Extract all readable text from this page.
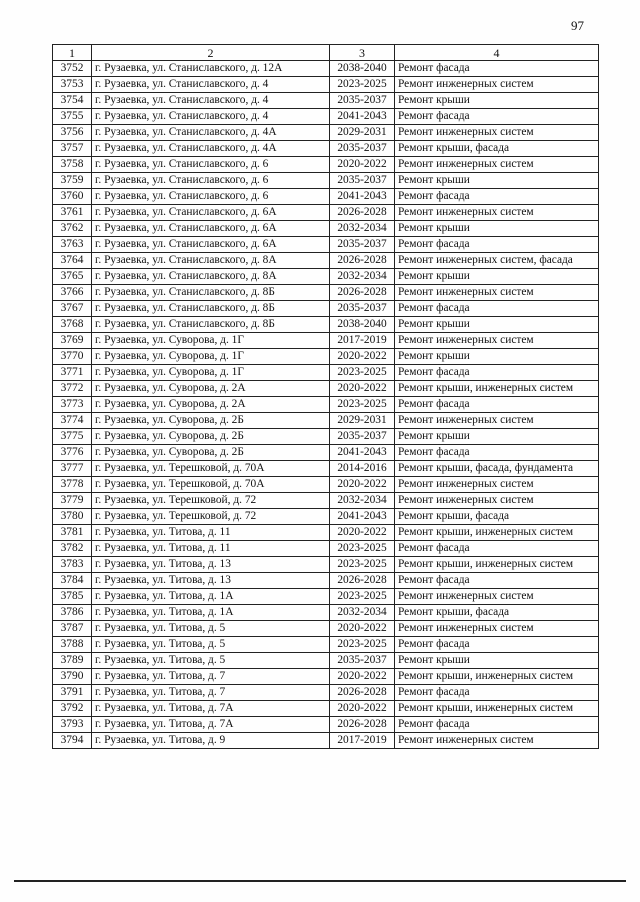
97
1	2	3	4
3752	г. Рузаевка, ул. Станиславского, д. 12А	2038-2040	Ремонт фасада
3753	г. Рузаевка, ул. Станиславского, д. 4	2023-2025	Ремонт инженерных систем
3754	г. Рузаевка, ул. Станиславского, д. 4	2035-2037	Ремонт крыши
3755	г. Рузаевка, ул. Станиславского, д. 4	2041-2043	Ремонт фасада
3756	г. Рузаевка, ул. Станиславского, д. 4А	2029-2031	Ремонт инженерных систем
3757	г. Рузаевка, ул. Станиславского, д. 4А	2035-2037	Ремонт крыши, фасада
3758	г. Рузаевка, ул. Станиславского, д. 6	2020-2022	Ремонт инженерных систем
3759	г. Рузаевка, ул. Станиславского, д. 6	2035-2037	Ремонт крыши
3760	г. Рузаевка, ул. Станиславского, д. 6	2041-2043	Ремонт фасада
3761	г. Рузаевка, ул. Станиславского, д. 6А	2026-2028	Ремонт инженерных систем
3762	г. Рузаевка, ул. Станиславского, д. 6А	2032-2034	Ремонт крыши
3763	г. Рузаевка, ул. Станиславского, д. 6А	2035-2037	Ремонт фасада
3764	г. Рузаевка, ул. Станиславского, д. 8А	2026-2028	Ремонт инженерных систем, фасада
3765	г. Рузаевка, ул. Станиславского, д. 8А	2032-2034	Ремонт крыши
3766	г. Рузаевка, ул. Станиславского, д. 8Б	2026-2028	Ремонт инженерных систем
3767	г. Рузаевка, ул. Станиславского, д. 8Б	2035-2037	Ремонт фасада
3768	г. Рузаевка, ул. Станиславского, д. 8Б	2038-2040	Ремонт крыши
3769	г. Рузаевка, ул. Суворова, д. 1Г	2017-2019	Ремонт инженерных систем
3770	г. Рузаевка, ул. Суворова, д. 1Г	2020-2022	Ремонт крыши
3771	г. Рузаевка, ул. Суворова, д. 1Г	2023-2025	Ремонт фасада
3772	г. Рузаевка, ул. Суворова, д. 2А	2020-2022	Ремонт крыши, инженерных систем
3773	г. Рузаевка, ул. Суворова, д. 2А	2023-2025	Ремонт фасада
3774	г. Рузаевка, ул. Суворова, д. 2Б	2029-2031	Ремонт инженерных систем
3775	г. Рузаевка, ул. Суворова, д. 2Б	2035-2037	Ремонт крыши
3776	г. Рузаевка, ул. Суворова, д. 2Б	2041-2043	Ремонт фасада
3777	г. Рузаевка, ул. Терешковой, д. 70А	2014-2016	Ремонт крыши, фасада, фундамента
3778	г. Рузаевка, ул. Терешковой, д. 70А	2020-2022	Ремонт инженерных систем
3779	г. Рузаевка, ул. Терешковой, д. 72	2032-2034	Ремонт инженерных систем
3780	г. Рузаевка, ул. Терешковой, д. 72	2041-2043	Ремонт крыши, фасада
3781	г. Рузаевка, ул. Титова, д. 11	2020-2022	Ремонт крыши, инженерных систем
3782	г. Рузаевка, ул. Титова, д. 11	2023-2025	Ремонт фасада
3783	г. Рузаевка, ул. Титова, д. 13	2023-2025	Ремонт крыши, инженерных систем
3784	г. Рузаевка, ул. Титова, д. 13	2026-2028	Ремонт фасада
3785	г. Рузаевка, ул. Титова, д. 1А	2023-2025	Ремонт инженерных систем
3786	г. Рузаевка, ул. Титова, д. 1А	2032-2034	Ремонт крыши, фасада
3787	г. Рузаевка, ул. Титова, д. 5	2020-2022	Ремонт инженерных систем
3788	г. Рузаевка, ул. Титова, д. 5	2023-2025	Ремонт фасада
3789	г. Рузаевка, ул. Титова, д. 5	2035-2037	Ремонт крыши
3790	г. Рузаевка, ул. Титова, д. 7	2020-2022	Ремонт крыши, инженерных систем
3791	г. Рузаевка, ул. Титова, д. 7	2026-2028	Ремонт фасада
3792	г. Рузаевка, ул. Титова, д. 7А	2020-2022	Ремонт крыши, инженерных систем
3793	г. Рузаевка, ул. Титова, д. 7А	2026-2028	Ремонт фасада
3794	г. Рузаевка, ул. Титова, д. 9	2017-2019	Ремонт инженерных систем
